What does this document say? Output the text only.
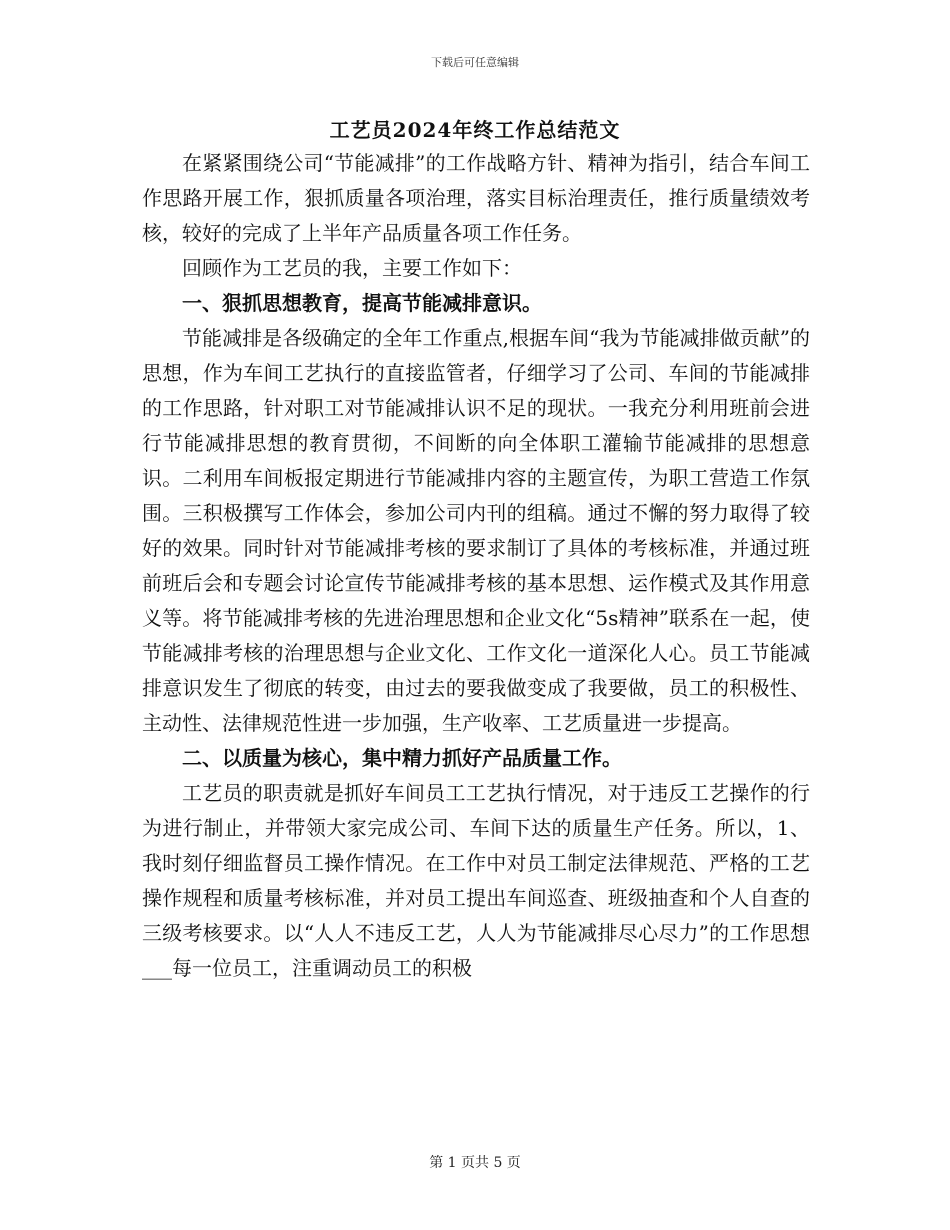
下载后可任意编辑
工艺员2024年终工作总结范文

在紧紧围绕公司“节能减排”的工作战略方针、精神为指引，结合车间工作思路开展工作，狠抓质量各项治理，落实目标治理责任，推行质量绩效考核，较好的完成了上半年产品质量各项工作任务。

回顾作为工艺员的我，主要工作如下：

一、狠抓思想教育，提高节能减排意识。

节能减排是各级确定的全年工作重点,根据车间“我为节能减排做贡献”的思想，作为车间工艺执行的直接监管者，仔细学习了公司、车间的节能减排的工作思路，针对职工对节能减排认识不足的现状。一我充分利用班前会进行节能减排思想的教育贯彻，不间断的向全体职工灌输节能减排的思想意识。二利用车间板报定期进行节能减排内容的主题宣传，为职工营造工作氛围。三积极撰写工作体会，参加公司内刊的组稿。通过不懈的努力取得了较好的效果。同时针对节能减排考核的要求制订了具体的考核标准，并通过班前班后会和专题会讨论宣传节能减排考核的基本思想、运作模式及其作用意义等。将节能减排考核的先进治理思想和企业文化“5s精神”联系在一起，使节能减排考核的治理思想与企业文化、工作文化一道深化人心。员工节能减排意识发生了彻底的转变，由过去的要我做变成了我要做，员工的积极性、主动性、法律规范性进一步加强，生产收率、工艺质量进一步提高。

二、以质量为核心，集中精力抓好产品质量工作。

工艺员的职责就是抓好车间员工工艺执行情况，对于违反工艺操作的行为进行制止，并带领大家完成公司、车间下达的质量生产任务。所以，1、我时刻仔细监督员工操作情况。在工作中对员工制定法律规范、严格的工艺操作规程和质量考核标准，并对员工提出车间巡查、班级抽查和个人自查的三级考核要求。以“人人不违反工艺，人人为节能减排尽心尽力”的工作思想___每一位员工，注重调动员工的积极

第 1 页共 5 页
